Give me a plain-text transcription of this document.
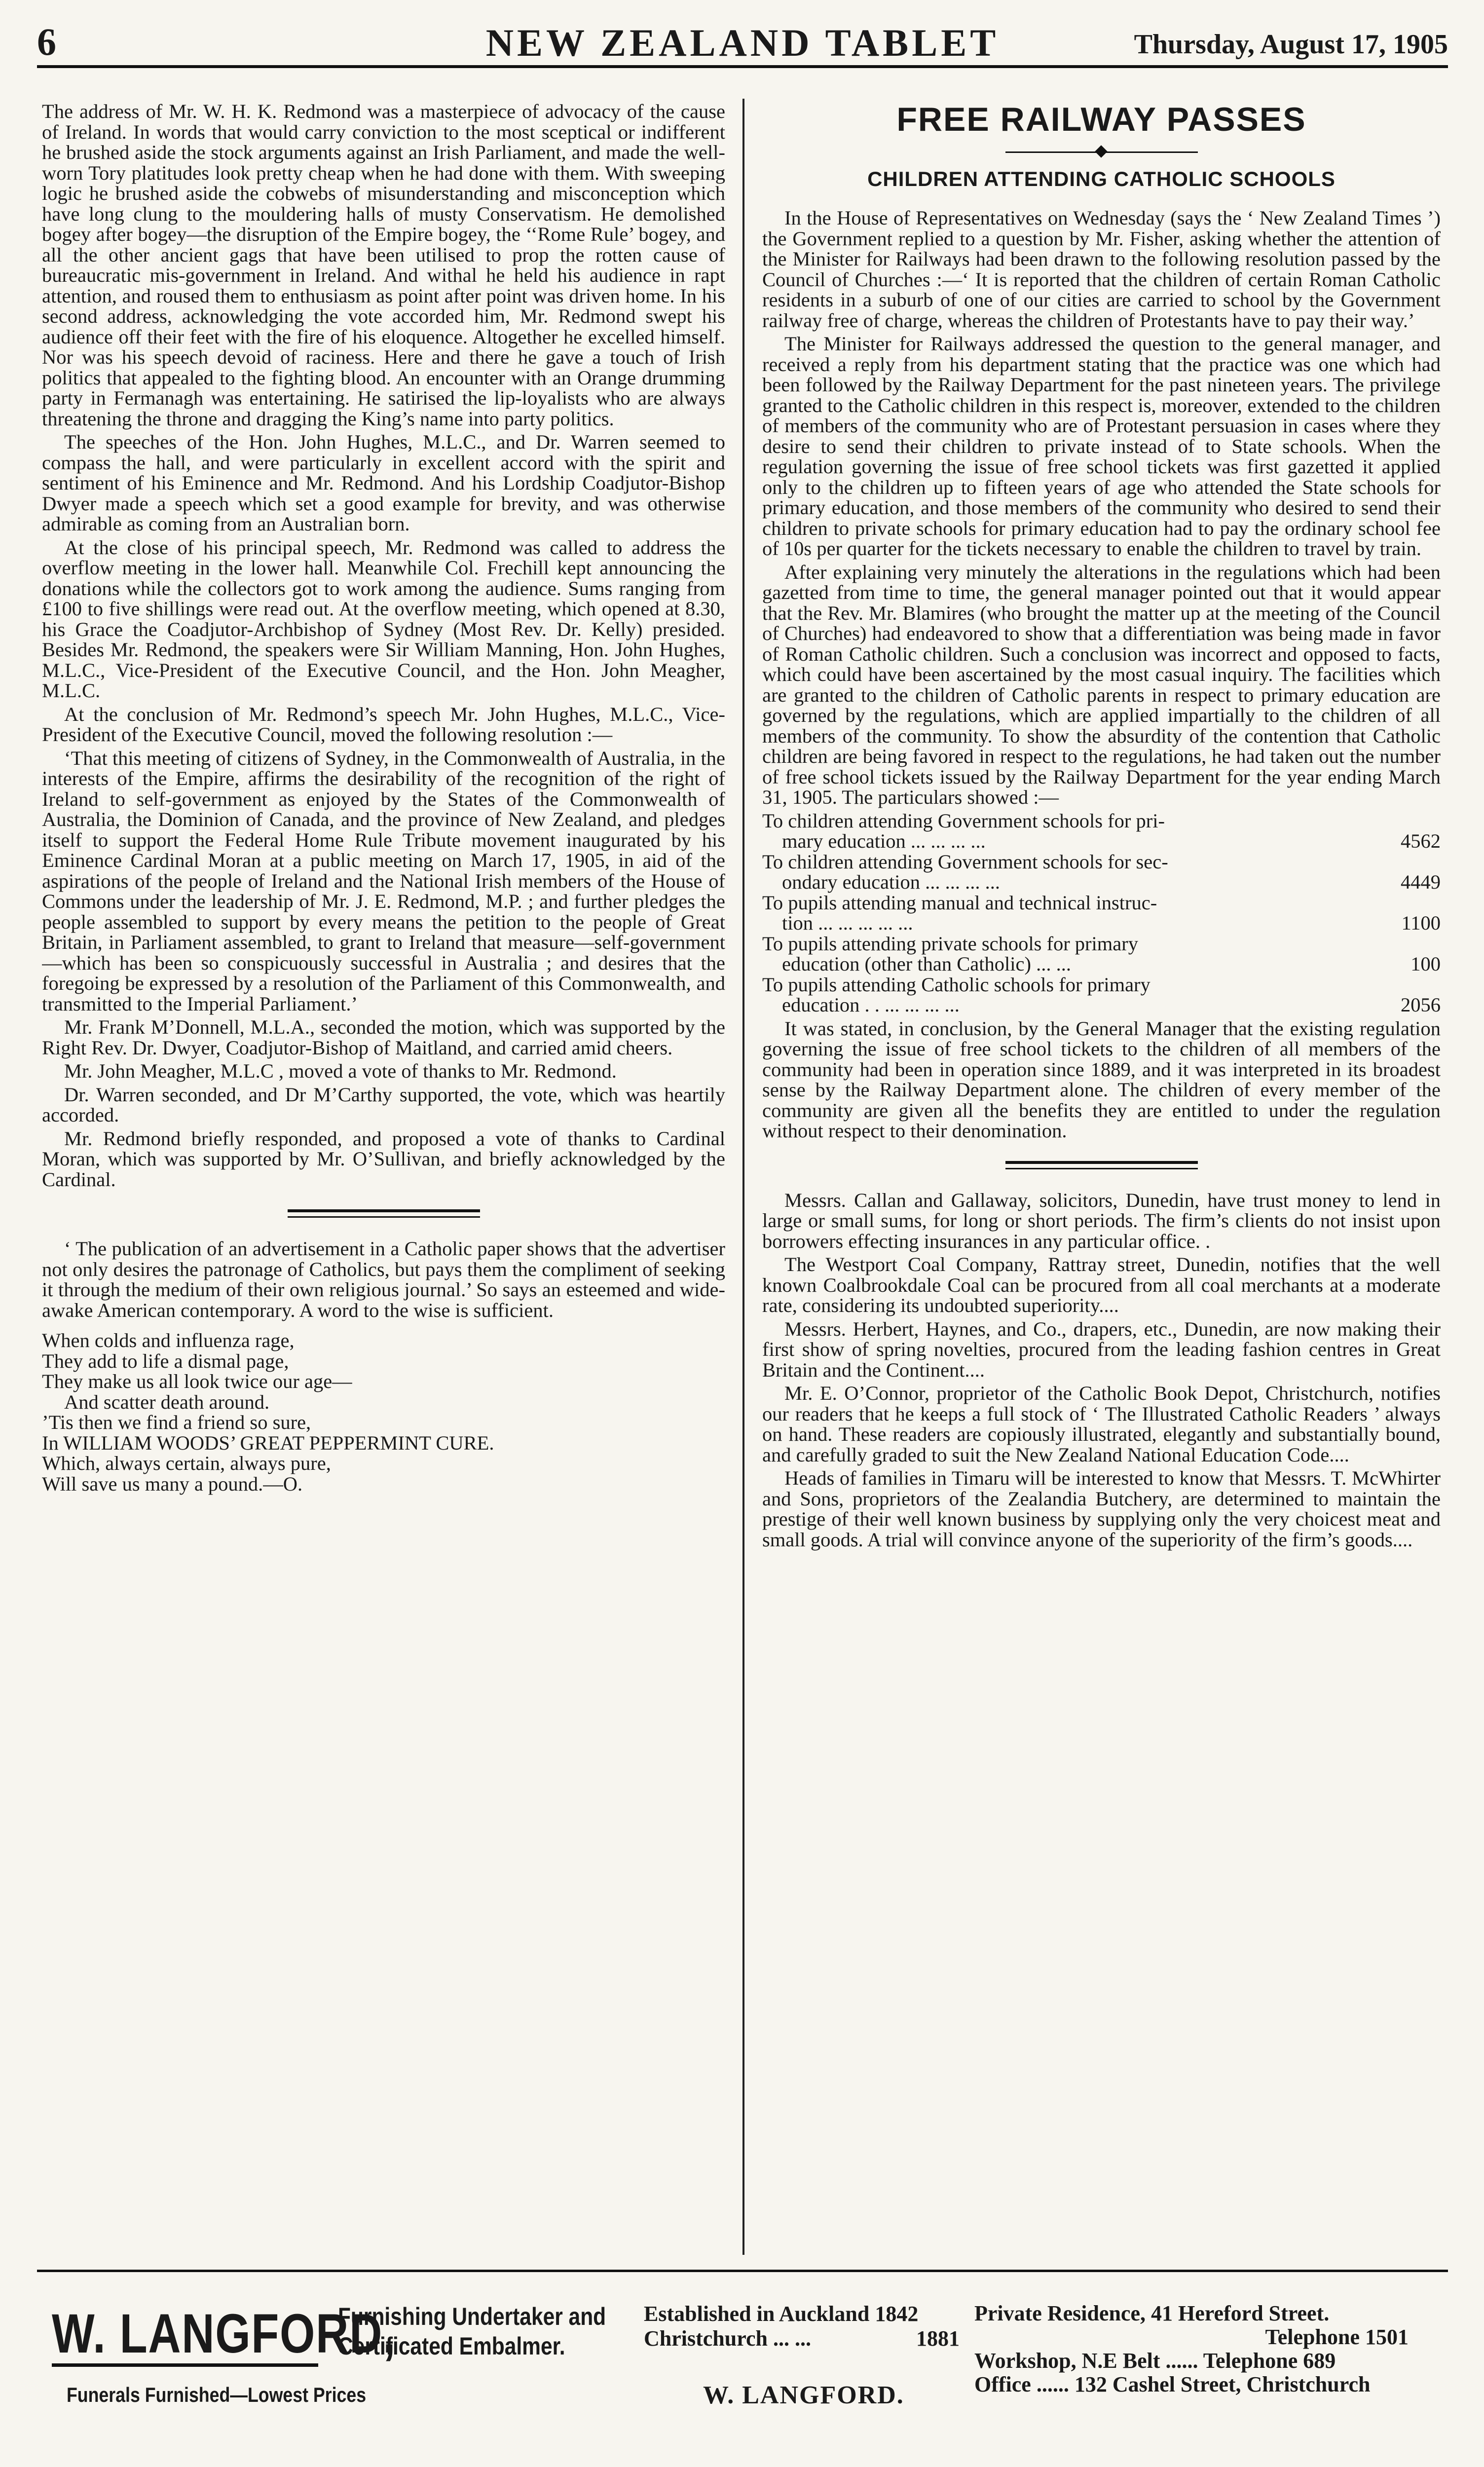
6	NEW ZEALAND TABLET	Thursday, August 17, 1905

The address of Mr. W. H. K. Redmond was a masterpiece of advocacy of the cause of Ireland. In words that would carry conviction to the most sceptical or indifferent he brushed aside the stock arguments against an Irish Parliament, and made the well-worn Tory platitudes look pretty cheap when he had done with them. With sweeping logic he brushed aside the cobwebs of misunderstanding and misconception which have long clung to the mouldering halls of musty Conservatism. He demolished bogey after bogey—the disruption of the Empire bogey, the ‘‘Rome Rule’ bogey, and all the other ancient gags that have been utilised to prop the rotten cause of bureaucratic mis-government in Ireland. And withal he held his audience in rapt attention, and roused them to enthusiasm as point after point was driven home. In his second address, acknowledging the vote accorded him, Mr. Redmond swept his audience off their feet with the fire of his eloquence. Altogether he excelled himself. Nor was his speech devoid of raciness. Here and there he gave a touch of Irish politics that appealed to the fighting blood. An encounter with an Orange drumming party in Fermanagh was entertaining. He satirised the lip-loyalists who are always threatening the throne and dragging the King’s name into party politics.

The speeches of the Hon. John Hughes, M.L.C., and Dr. Warren seemed to compass the hall, and were particularly in excellent accord with the spirit and sentiment of his Eminence and Mr. Redmond. And his Lordship Coadjutor-Bishop Dwyer made a speech which set a good example for brevity, and was otherwise admirable as coming from an Australian born.

At the close of his principal speech, Mr. Redmond was called to address the overflow meeting in the lower hall. Meanwhile Col. Frechill kept announcing the donations while the collectors got to work among the audience. Sums ranging from £100 to five shillings were read out. At the overflow meeting, which opened at 8.30, his Grace the Coadjutor-Archbishop of Sydney (Most Rev. Dr. Kelly) presided. Besides Mr. Redmond, the speakers were Sir William Manning, Hon. John Hughes, M.L.C., Vice-President of the Executive Council, and the Hon. John Meagher, M.L.C.

At the conclusion of Mr. Redmond’s speech Mr. John Hughes, M.L.C., Vice-President of the Executive Council, moved the following resolution :—

‘That this meeting of citizens of Sydney, in the Commonwealth of Australia, in the interests of the Empire, affirms the desirability of the recognition of the right of Ireland to self-government as enjoyed by the States of the Commonwealth of Australia, the Dominion of Canada, and the province of New Zealand, and pledges itself to support the Federal Home Rule Tribute movement inaugurated by his Eminence Cardinal Moran at a public meeting on March 17, 1905, in aid of the aspirations of the people of Ireland and the National Irish members of the House of Commons under the leadership of Mr. J. E. Redmond, M.P. ; and further pledges the people assembled to support by every means the petition to the people of Great Britain, in Parliament assembled, to grant to Ireland that measure—self-government—which has been so conspicuously successful in Australia ; and desires that the foregoing be expressed by a resolution of the Parliament of this Commonwealth, and transmitted to the Imperial Parliament.’

Mr. Frank M’Donnell, M.L.A., seconded the motion, which was supported by the Right Rev. Dr. Dwyer, Coadjutor-Bishop of Maitland, and carried amid cheers.

Mr. John Meagher, M.L.C , moved a vote of thanks to Mr. Redmond.

Dr. Warren seconded, and Dr M’Carthy supported, the vote, which was heartily accorded.

Mr. Redmond briefly responded, and proposed a vote of thanks to Cardinal Moran, which was supported by Mr. O’Sullivan, and briefly acknowledged by the Cardinal.

‘ The publication of an advertisement in a Catholic paper shows that the advertiser not only desires the patronage of Catholics, but pays them the compliment of seeking it through the medium of their own religious journal.’ So says an esteemed and wide-awake American contemporary. A word to the wise is sufficient.

When colds and influenza rage,
They add to life a dismal page,
They make us all look twice our age—
And scatter death around.
’Tis then we find a friend so sure,
In WILLIAM WOODS’ GREAT PEPPERMINT CURE.
Which, always certain, always pure,
Will save us many a pound.—O.
FREE RAILWAY PASSES
CHILDREN ATTENDING CATHOLIC SCHOOLS

In the House of Representatives on Wednesday (says the ‘ New Zealand Times ’) the Government replied to a question by Mr. Fisher, asking whether the attention of the Minister for Railways had been drawn to the following resolution passed by the Council of Churches :—‘ It is reported that the children of certain Roman Catholic residents in a suburb of one of our cities are carried to school by the Government railway free of charge, whereas the children of Protestants have to pay their way.’

The Minister for Railways addressed the question to the general manager, and received a reply from his department stating that the practice was one which had been followed by the Railway Department for the past nineteen years. The privilege granted to the Catholic children in this respect is, moreover, extended to the children of members of the community who are of Protestant persuasion in cases where they desire to send their children to private instead of to State schools. When the regulation governing the issue of free school tickets was first gazetted it applied only to the children up to fifteen years of age who attended the State schools for primary education, and those members of the community who desired to send their children to private schools for primary education had to pay the ordinary school fee of 10s per quarter for the tickets necessary to enable the children to travel by train.

After explaining very minutely the alterations in the regulations which had been gazetted from time to time, the general manager pointed out that it would appear that the Rev. Mr. Blamires (who brought the matter up at the meeting of the Council of Churches) had endeavored to show that a differentiation was being made in favor of Roman Catholic children. Such a conclusion was incorrect and opposed to facts, which could have been ascertained by the most casual inquiry. The facilities which are granted to the children of Catholic parents in respect to primary education are governed by the regulations, which are applied impartially to the children of all members of the community. To show the absurdity of the contention that Catholic children are being favored in respect to the regulations, he had taken out the number of free school tickets issued by the Railway Department for the year ending March 31, 1905. The particulars showed :—

To children attending Government schools for pri-
mary education ... ... ... ...	4562
To children attending Government schools for sec-
ondary education ... ... ... ...	4449
To pupils attending manual and technical instruc-
tion ... ... ... ... ...	1100
To pupils attending private schools for primary
education (other than Catholic) ... ...	100
To pupils attending Catholic schools for primary
education . . ... ... ... ...	2056

It was stated, in conclusion, by the General Manager that the existing regulation governing the issue of free school tickets to the children of all members of the community had been in operation since 1889, and it was interpreted in its broadest sense by the Railway Department alone. The children of every member of the community are given all the benefits they are entitled to under the regulation without respect to their denomination.

Messrs. Callan and Gallaway, solicitors, Dunedin, have trust money to lend in large or small sums, for long or short periods. The firm’s clients do not insist upon borrowers effecting insurances in any particular office. .

The Westport Coal Company, Rattray street, Dunedin, notifies that the well known Coalbrookdale Coal can be procured from all coal merchants at a moderate rate, considering its undoubted superiority....

Messrs. Herbert, Haynes, and Co., drapers, etc., Dunedin, are now making their first show of spring novelties, procured from the leading fashion centres in Great Britain and the Continent....

Mr. E. O’Connor, proprietor of the Catholic Book Depot, Christchurch, notifies our readers that he keeps a full stock of ‘ The Illustrated Catholic Readers ’ always on hand. These readers are copiously illustrated, elegantly and substantially bound, and carefully graded to suit the New Zealand National Education Code....

Heads of families in Timaru will be interested to know that Messrs. T. McWhirter and Sons, proprietors of the Zealandia Butchery, are determined to maintain the prestige of their well known business by supplying only the very choicest meat and small goods. A trial will convince anyone of the superiority of the firm’s goods....

W. LANGFORD,
Furnishing Undertaker and
Certificated Embalmer.
Funerals Furnished—Lowest Prices
Established in Auckland 1842
Christchurch ... ...	1881
W. LANGFORD.
Private Residence, 41 Hereford Street.
Telephone 1501
Workshop, N.E Belt ...... Telephone 689
Office ...... 132 Cashel Street, Christchurch
